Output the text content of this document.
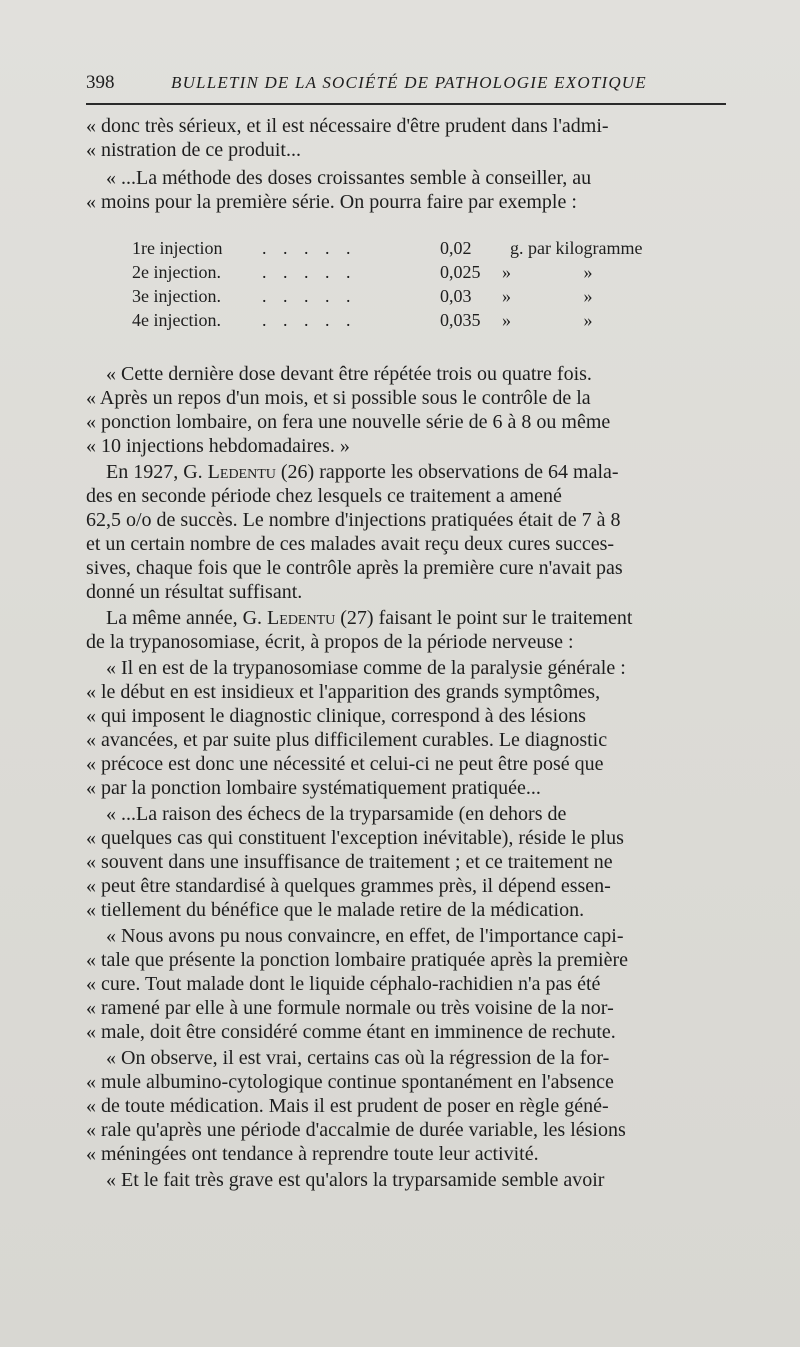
398	BULLETIN DE LA SOCIÉTÉ DE PATHOLOGIE EXOTIQUE
« donc très sérieux, et il est nécessaire d'être prudent dans l'admi-
« nistration de ce produit...
« ...La méthode des doses croissantes semble à conseiller, au
« moins pour la première série. On pourra faire par exemple :
1re injection . . . . .	0,02 g. par kilogramme
2e injection. . . . . .	0,025 » »
3e injection. . . . . .	0,03 » »
4e injection. . . . . .	0,035 » »
« Cette dernière dose devant être répétée trois ou quatre fois.
« Après un repos d'un mois, et si possible sous le contrôle de la
« ponction lombaire, on fera une nouvelle série de 6 à 8 ou même
« 10 injections hebdomadaires. »
En 1927, G. Ledentu (26) rapporte les observations de 64 mala-
des en seconde période chez lesquels ce traitement a amené
62,5 o/o de succès. Le nombre d'injections pratiquées était de 7 à 8
et un certain nombre de ces malades avait reçu deux cures succes-
sives, chaque fois que le contrôle après la première cure n'avait pas
donné un résultat suffisant.
La même année, G. Ledentu (27) faisant le point sur le traitement
de la trypanosomiase, écrit, à propos de la période nerveuse :
« Il en est de la trypanosomiase comme de la paralysie générale :
« le début en est insidieux et l'apparition des grands symptômes,
« qui imposent le diagnostic clinique, correspond à des lésions
« avancées, et par suite plus difficilement curables. Le diagnostic
« précoce est donc une nécessité et celui-ci ne peut être posé que
« par la ponction lombaire systématiquement pratiquée...
« ...La raison des échecs de la tryparsamide (en dehors de
« quelques cas qui constituent l'exception inévitable), réside le plus
« souvent dans une insuffisance de traitement ; et ce traitement ne
« peut être standardisé à quelques grammes près, il dépend essen-
« tiellement du bénéfice que le malade retire de la médication.
« Nous avons pu nous convaincre, en effet, de l'importance capi-
« tale que présente la ponction lombaire pratiquée après la première
« cure. Tout malade dont le liquide céphalo-rachidien n'a pas été
« ramené par elle à une formule normale ou très voisine de la nor-
« male, doit être considéré comme étant en imminence de rechute.
« On observe, il est vrai, certains cas où la régression de la for-
« mule albumino-cytologique continue spontanément en l'absence
« de toute médication. Mais il est prudent de poser en règle géné-
« rale qu'après une période d'accalmie de durée variable, les lésions
« méningées ont tendance à reprendre toute leur activité.
« Et le fait très grave est qu'alors la tryparsamide semble avoir
